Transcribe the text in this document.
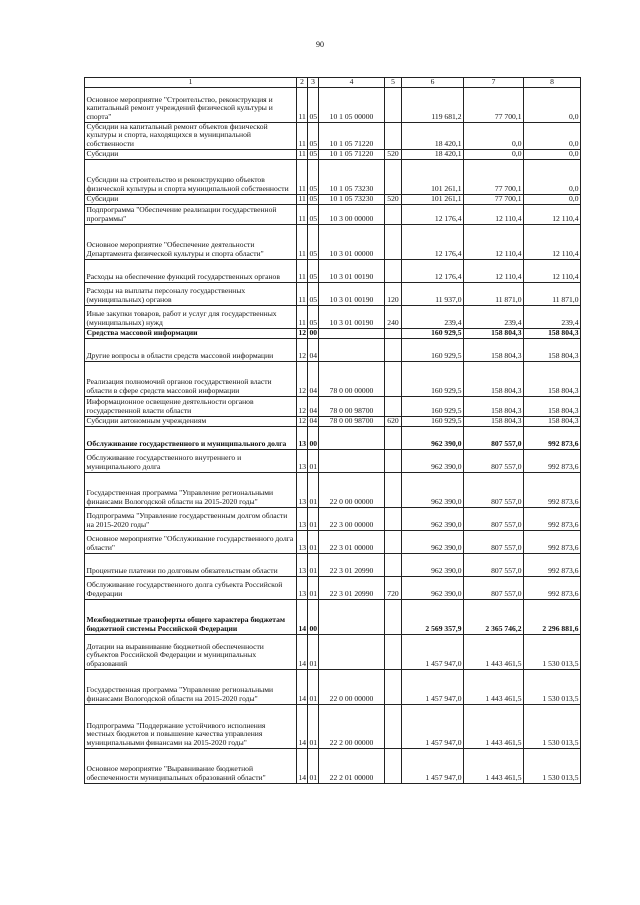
90
1	2	3	4	5	6	7	8
Основное мероприятие "Строительство, реконструкция и капитальный ремонт учреждений физической культуры и спорта"	11	05	10 1 05 00000		119 681,2	77 700,1	0,0
Субсидии на капитальный ремонт объектов физической культуры и спорта, находящихся в муниципальной собственности	11	05	10 1 05 71220		18 420,1	0,0	0,0
Субсидии	11	05	10 1 05 71220	520	18 420,1	0,0	0,0
Субсидии на строительство и реконструкцию объектов физической культуры и спорта муниципальной собственности	11	05	10 1 05 73230		101 261,1	77 700,1	0,0
Субсидии	11	05	10 1 05 73230	520	101 261,1	77 700,1	0,0
Подпрограмма "Обеспечение реализации государственной программы"	11	05	10 3 00 00000		12 176,4	12 110,4	12 110,4
Основное мероприятие "Обеспечение деятельности Департамента физической культуры и спорта области"	11	05	10 3 01 00000		12 176,4	12 110,4	12 110,4
Расходы на обеспечение функций государственных органов	11	05	10 3 01 00190		12 176,4	12 110,4	12 110,4
Расходы на выплаты персоналу государственных (муниципальных) органов	11	05	10 3 01 00190	120	11 937,0	11 871,0	11 871,0
Иные закупки товаров, работ и услуг для государственных (муниципальных) нужд	11	05	10 3 01 00190	240	239,4	239,4	239,4
Средства массовой информации	12	00			160 929,5	158 804,3	158 804,3
Другие вопросы в области средств массовой информации	12	04			160 929,5	158 804,3	158 804,3
Реализация полномочий органов государственной власти области в сфере средств массовой информации	12	04	78 0 00 00000		160 929,5	158 804,3	158 804,3
Информационное освещение деятельности органов государственной власти области	12	04	78 0 00 98700		160 929,5	158 804,3	158 804,3
Субсидии автономным учреждениям	12	04	78 0 00 98700	620	160 929,5	158 804,3	158 804,3
Обслуживание государственного и муниципального долга	13	00			962 390,0	807 557,0	992 873,6
Обслуживание государственного внутреннего и муниципального долга	13	01			962 390,0	807 557,0	992 873,6
Государственная программа "Управление региональными финансами Вологодской области на 2015-2020 годы"	13	01	22 0 00 00000		962 390,0	807 557,0	992 873,6
Подпрограмма "Управление государственным долгом области на 2015-2020 годы"	13	01	22 3 00 00000		962 390,0	807 557,0	992 873,6
Основное мероприятие "Обслуживание государственного долга области"	13	01	22 3 01 00000		962 390,0	807 557,0	992 873,6
Процентные платежи по долговым обязательствам области	13	01	22 3 01 20990		962 390,0	807 557,0	992 873,6
Обслуживание государственного долга субъекта Российской Федерации	13	01	22 3 01 20990	720	962 390,0	807 557,0	992 873,6
Межбюджетные трансферты общего характера бюджетам бюджетной системы Российской Федерации	14	00			2 569 357,9	2 365 746,2	2 296 881,6
Дотации на выравнивание бюджетной обеспеченности субъектов Российской Федерации и муниципальных образований	14	01			1 457 947,0	1 443 461,5	1 530 013,5
Государственная программа "Управление региональными финансами Вологодской области на 2015-2020 годы"	14	01	22 0 00 00000		1 457 947,0	1 443 461,5	1 530 013,5
Подпрограмма "Поддержание устойчивого исполнения местных бюджетов и повышение качества управления муниципальными финансами на 2015-2020 годы"	14	01	22 2 00 00000		1 457 947,0	1 443 461,5	1 530 013,5
Основное мероприятие "Выравнивание бюджетной обеспеченности муниципальных образований области"	14	01	22 2 01 00000		1 457 947,0	1 443 461,5	1 530 013,5
